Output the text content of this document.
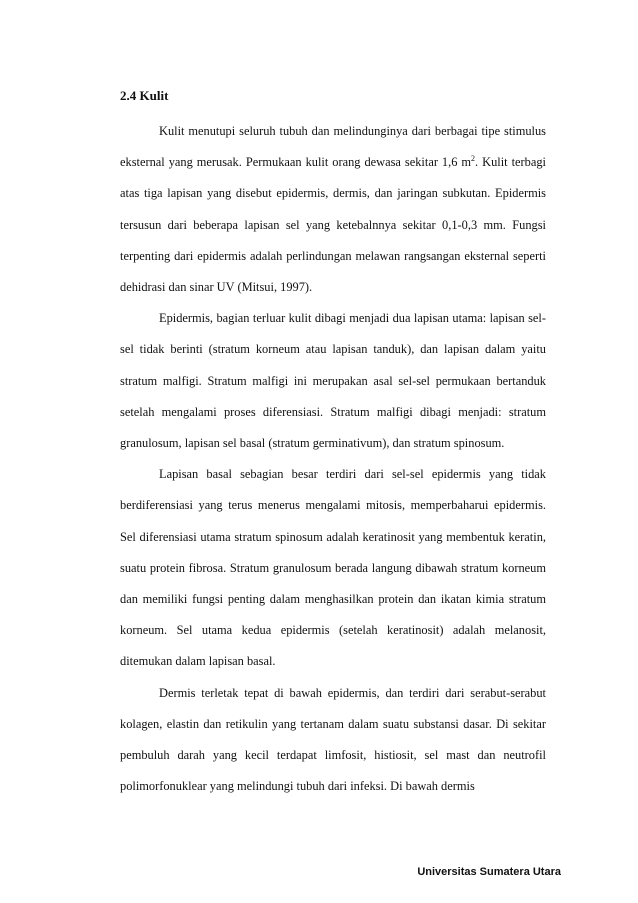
2.4 Kulit

Kulit menutupi seluruh tubuh dan melindunginya dari berbagai tipe stimulus eksternal yang merusak. Permukaan kulit orang dewasa sekitar 1,6 $m^2$. Kulit terbagi atas tiga lapisan yang disebut epidermis, dermis, dan jaringan subkutan. Epidermis tersusun dari beberapa lapisan sel yang ketebalnnya sekitar 0,1-0,3 mm. Fungsi terpenting dari epidermis adalah perlindungan melawan rangsangan eksternal seperti dehidrasi dan sinar UV (Mitsui, 1997).

Epidermis, bagian terluar kulit dibagi menjadi dua lapisan utama: lapisan sel-sel tidak berinti (stratum korneum atau lapisan tanduk), dan lapisan dalam yaitu stratum malfigi. Stratum malfigi ini merupakan asal sel-sel permukaan bertanduk setelah mengalami proses diferensiasi. Stratum malfigi dibagi menjadi: stratum granulosum, lapisan sel basal (stratum germinativum), dan stratum spinosum.

Lapisan basal sebagian besar terdiri dari sel-sel epidermis yang tidak berdiferensiasi yang terus menerus mengalami mitosis, memperbaharui epidermis. Sel diferensiasi utama stratum spinosum adalah keratinosit yang membentuk keratin, suatu protein fibrosa. Stratum granulosum berada langung dibawah stratum korneum dan memiliki fungsi penting dalam menghasilkan protein dan ikatan kimia stratum korneum. Sel utama kedua epidermis (setelah keratinosit) adalah melanosit, ditemukan dalam lapisan basal.

Dermis terletak tepat di bawah epidermis, dan terdiri dari serabut-serabut kolagen, elastin dan retikulin yang tertanam dalam suatu substansi dasar. Di sekitar pembuluh darah yang kecil terdapat limfosit, histiosit, sel mast dan neutrofil polimorfonuklear yang melindungi tubuh dari infeksi. Di bawah dermis

Universitas Sumatera Utara
